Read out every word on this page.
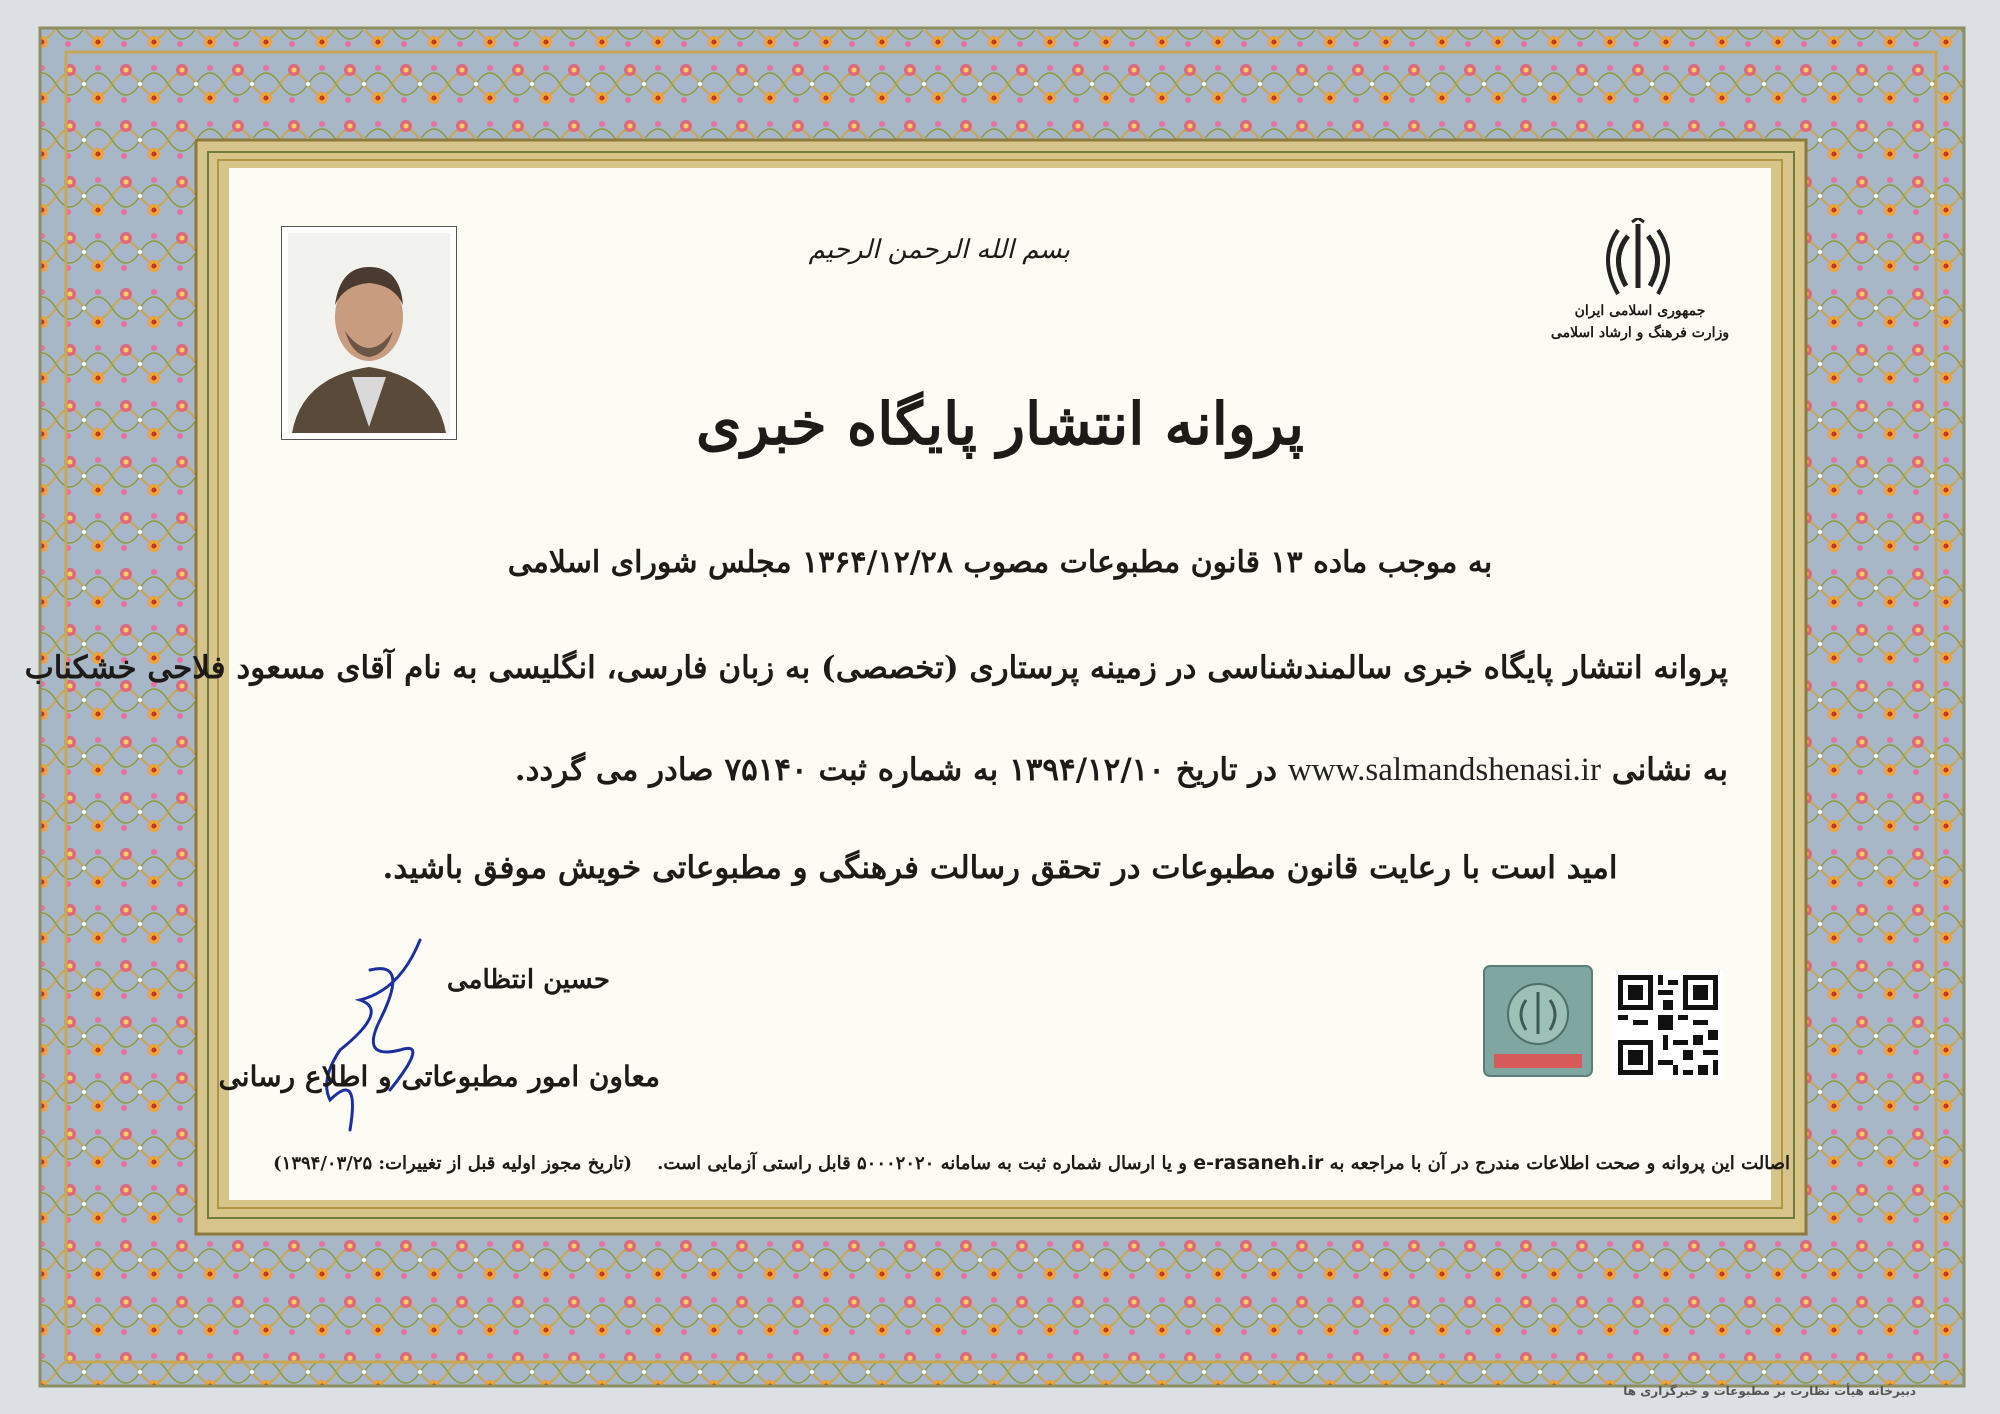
بسم الله الرحمن الرحیم
جمهوری اسلامی ایران
وزارت فرهنگ و ارشاد اسلامی
پروانه انتشار پایگاه خبری
به موجب ماده ۱۳ قانون مطبوعات مصوب ۱۳۶۴/۱۲/۲۸ مجلس شورای اسلامی
پروانه انتشار پایگاه خبری سالمندشناسی در زمینه پرستاری (تخصصی) به زبان فارسی، انگلیسی به نام آقای مسعود فلاحی خشکناب
به نشانی www.salmandshenasi.ir در تاریخ ۱۳۹۴/۱۲/۱۰ به شماره ثبت ۷۵۱۴۰ صادر می گردد.
امید است با رعایت قانون مطبوعات در تحقق رسالت فرهنگی و مطبوعاتی خویش موفق باشید.
حسین انتظامی
معاون امور مطبوعاتی و اطلاع رسانی
اصالت این پروانه و صحت اطلاعات مندرج در آن با مراجعه به e-rasaneh.ir و یا ارسال شماره ثبت به سامانه ۵۰۰۰۲۰۲۰ قابل راستی آزمایی است.    (تاریخ مجوز اولیه قبل از تغییرات: ۱۳۹۴/۰۳/۲۵)
دبیرخانه هیأت نظارت بر مطبوعات و خبرگزاری ها
